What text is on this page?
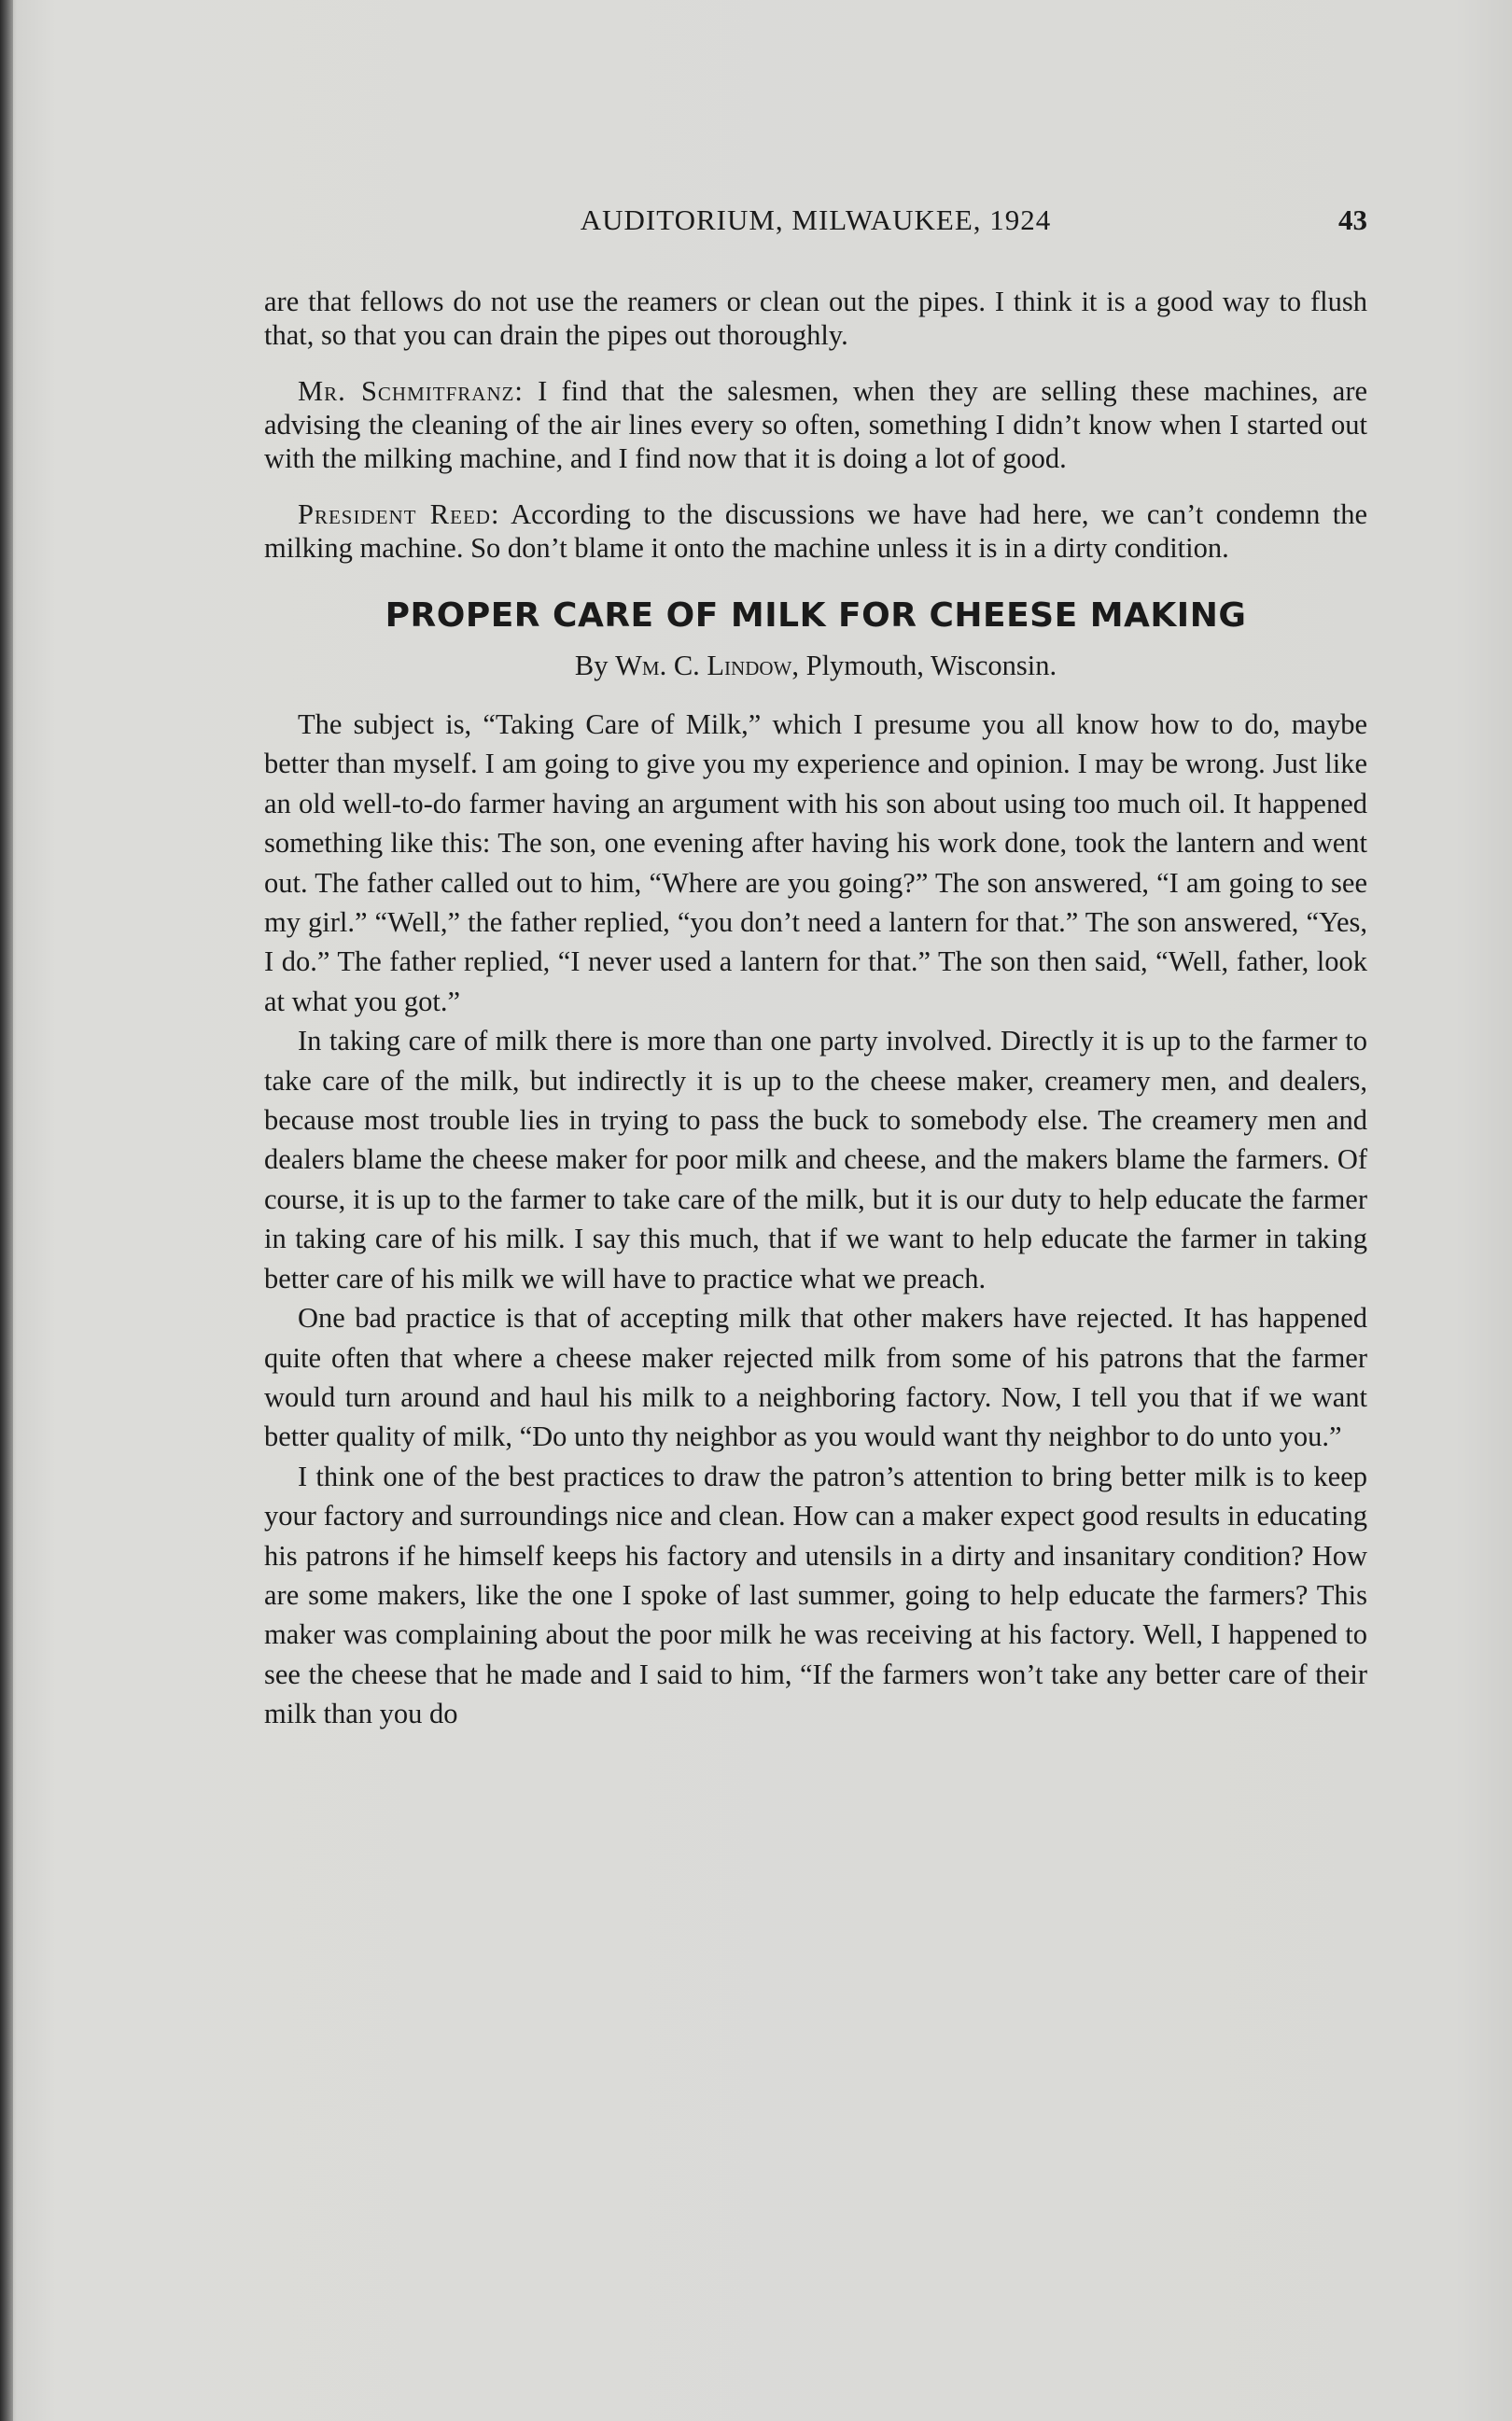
AUDITORIUM, MILWAUKEE, 1924	43

are that fellows do not use the reamers or clean out the pipes. I think it is a good way to flush that, so that you can drain the pipes out thoroughly.

Mr. Schmitfranz: I find that the salesmen, when they are selling these machines, are advising the cleaning of the air lines every so often, something I didn’t know when I started out with the milking machine, and I find now that it is doing a lot of good.

President Reed: According to the discussions we have had here, we can’t condemn the milking machine. So don’t blame it onto the machine unless it is in a dirty condition.

PROPER CARE OF MILK FOR CHEESE MAKING
By Wm. C. Lindow, Plymouth, Wisconsin.

The subject is, “Taking Care of Milk,” which I presume you all know how to do, maybe better than myself. I am going to give you my experience and opinion. I may be wrong. Just like an old well-to-do farmer having an argument with his son about using too much oil. It happened something like this: The son, one evening after having his work done, took the lantern and went out. The father called out to him, “Where are you going?” The son answered, “I am going to see my girl.” “Well,” the father replied, “you don’t need a lantern for that.” The son answered, “Yes, I do.” The father replied, “I never used a lantern for that.” The son then said, “Well, father, look at what you got.”

In taking care of milk there is more than one party involved. Directly it is up to the farmer to take care of the milk, but indirectly it is up to the cheese maker, creamery men, and dealers, because most trouble lies in trying to pass the buck to somebody else. The creamery men and dealers blame the cheese maker for poor milk and cheese, and the makers blame the farmers. Of course, it is up to the farmer to take care of the milk, but it is our duty to help educate the farmer in taking care of his milk. I say this much, that if we want to help educate the farmer in taking better care of his milk we will have to practice what we preach.

One bad practice is that of accepting milk that other makers have rejected. It has happened quite often that where a cheese maker rejected milk from some of his patrons that the farmer would turn around and haul his milk to a neighboring factory. Now, I tell you that if we want better quality of milk, “Do unto thy neighbor as you would want thy neighbor to do unto you.”

I think one of the best practices to draw the patron’s attention to bring better milk is to keep your factory and surroundings nice and clean. How can a maker expect good results in educating his patrons if he himself keeps his factory and utensils in a dirty and insanitary condition? How are some makers, like the one I spoke of last summer, going to help educate the farmers? This maker was complaining about the poor milk he was receiving at his factory. Well, I happened to see the cheese that he made and I said to him, “If the farmers won’t take any better care of their milk than you do
